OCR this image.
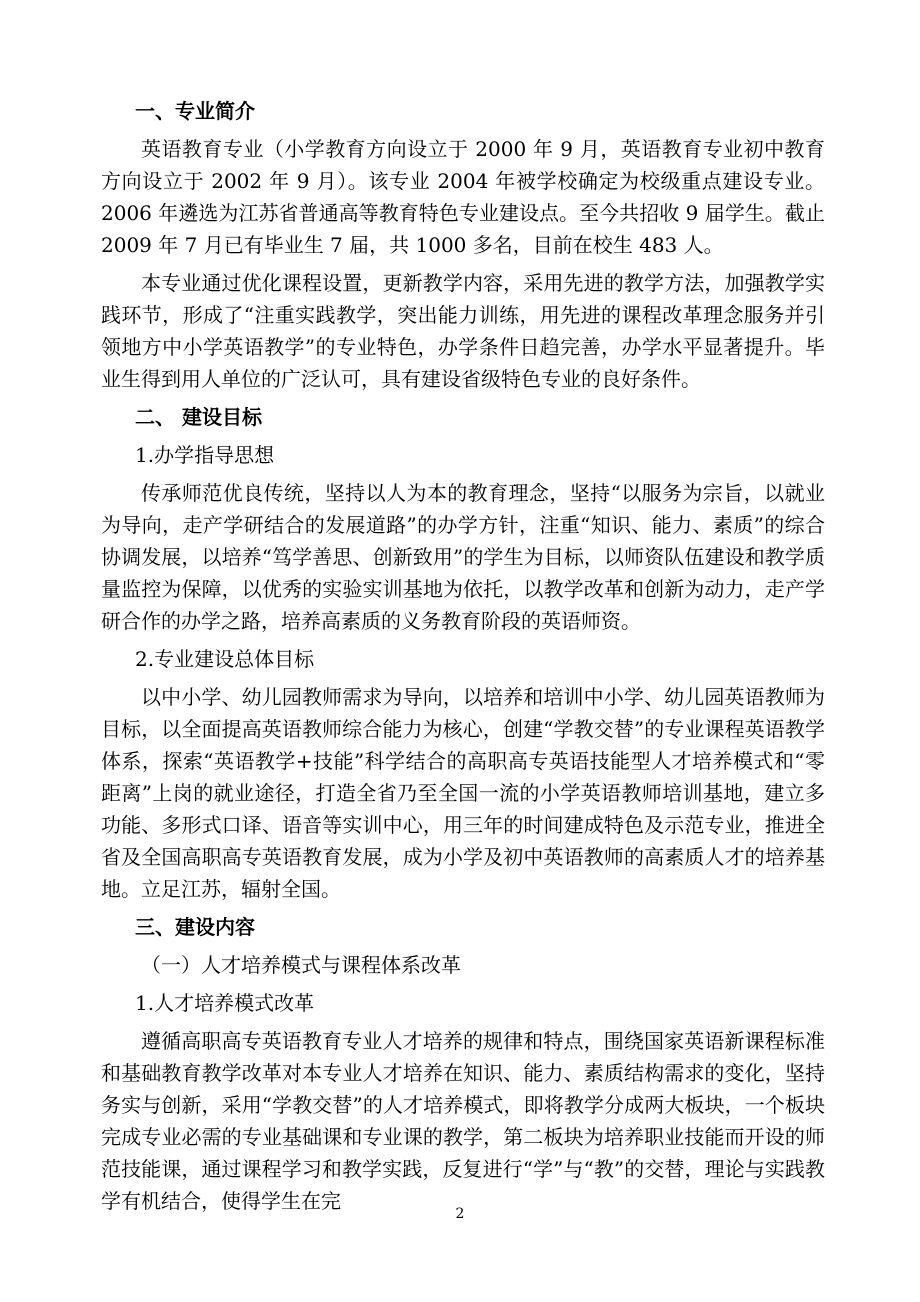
一、专业简介

英语教育专业（小学教育方向设立于 2000 年 9 月，英语教育专业初中教育方向设立于 2002 年 9 月）。该专业 2004 年被学校确定为校级重点建设专业。2006 年遴选为江苏省普通高等教育特色专业建设点。至今共招收 9 届学生。截止 2009 年 7 月已有毕业生 7 届，共 1000 多名，目前在校生 483 人。

本专业通过优化课程设置，更新教学内容，采用先进的教学方法，加强教学实践环节，形成了“注重实践教学，突出能力训练，用先进的课程改革理念服务并引领地方中小学英语教学”的专业特色，办学条件日趋完善，办学水平显著提升。毕业生得到用人单位的广泛认可，具有建设省级特色专业的良好条件。

二、 建设目标

1.办学指导思想

传承师范优良传统，坚持以人为本的教育理念，坚持“以服务为宗旨，以就业为导向，走产学研结合的发展道路”的办学方针，注重“知识、能力、素质”的综合协调发展，以培养“笃学善思、创新致用”的学生为目标，以师资队伍建设和教学质量监控为保障，以优秀的实验实训基地为依托，以教学改革和创新为动力，走产学研合作的办学之路，培养高素质的义务教育阶段的英语师资。

2.专业建设总体目标

以中小学、幼儿园教师需求为导向，以培养和培训中小学、幼儿园英语教师为目标，以全面提高英语教师综合能力为核心，创建“学教交替”的专业课程英语教学体系，探索“英语教学+技能”科学结合的高职高专英语技能型人才培养模式和“零距离”上岗的就业途径，打造全省乃至全国一流的小学英语教师培训基地，建立多功能、多形式口译、语音等实训中心，用三年的时间建成特色及示范专业，推进全省及全国高职高专英语教育发展，成为小学及初中英语教师的高素质人才的培养基地。立足江苏，辐射全国。

三、建设内容

（一）人才培养模式与课程体系改革

1.人才培养模式改革

遵循高职高专英语教育专业人才培养的规律和特点，围绕国家英语新课程标准和基础教育教学改革对本专业人才培养在知识、能力、素质结构需求的变化，坚持务实与创新，采用“学教交替”的人才培养模式，即将教学分成两大板块，一个板块完成专业必需的专业基础课和专业课的教学，第二板块为培养职业技能而开设的师范技能课，通过课程学习和教学实践，反复进行“学”与“教”的交替，理论与实践教学有机结合，使得学生在完

2
